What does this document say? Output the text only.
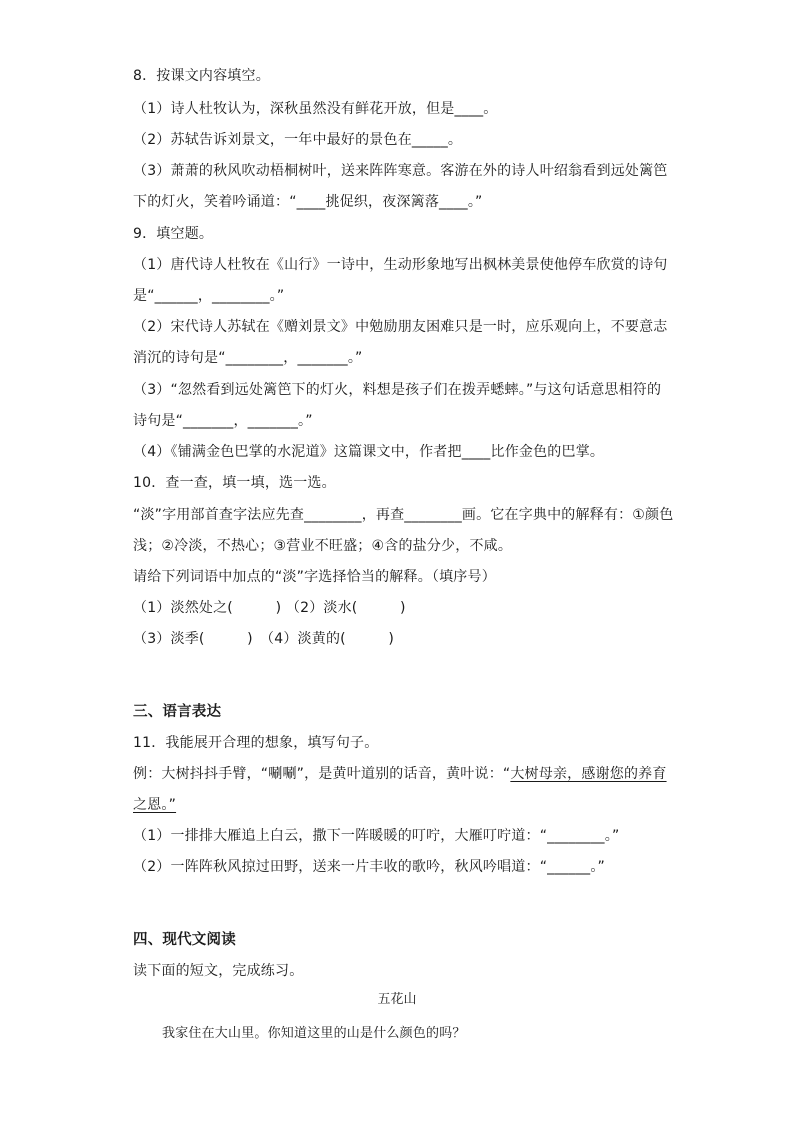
8．按课文内容填空。
（1）诗人杜牧认为，深秋虽然没有鲜花开放，但是____。
（2）苏轼告诉刘景文，一年中最好的景色在_____。
（3）萧萧的秋风吹动梧桐树叶，送来阵阵寒意。客游在外的诗人叶绍翁看到远处篱笆
下的灯火，笑着吟诵道：“____挑促织，夜深篱落____。”
9．填空题。
（1）唐代诗人杜牧在《山行》一诗中，生动形象地写出枫林美景使他停车欣赏的诗句
是“______，________。”
（2）宋代诗人苏轼在《赠刘景文》中勉励朋友困难只是一时，应乐观向上，不要意志
消沉的诗句是“________，_______。”
（3）“忽然看到远处篱笆下的灯火，料想是孩子们在拨弄蟋蟀。”与这句话意思相符的
诗句是“_______，_______。”
（4）《铺满金色巴掌的水泥道》这篇课文中，作者把____比作金色的巴掌。
10．查一查，填一填，选一选。
“淡”字用部首查字法应先查________，再查________画。它在字典中的解释有：①颜色
浅；②冷淡，不热心；③营业不旺盛；④含的盐分少，不咸。
请给下列词语中加点的“淡”字选择恰当的解释。（填序号）
（1）淡然处之(　　　) （2）淡水(　　　)
（3）淡季(　　　)　（4）淡黄的(　　　)
三、语言表达
11．我能展开合理的想象，填写句子。
例：大树抖抖手臂，“唰唰”，是黄叶道别的话音，黄叶说：“大树母亲，感谢您的养育
之恩。”
（1）一排排大雁追上白云，撒下一阵暖暖的叮咛，大雁叮咛道：“________。”
（2）一阵阵秋风掠过田野，送来一片丰收的歌吟，秋风吟唱道：“______。”
四、现代文阅读
读下面的短文，完成练习。
五花山
我家住在大山里。你知道这里的山是什么颜色的吗？
